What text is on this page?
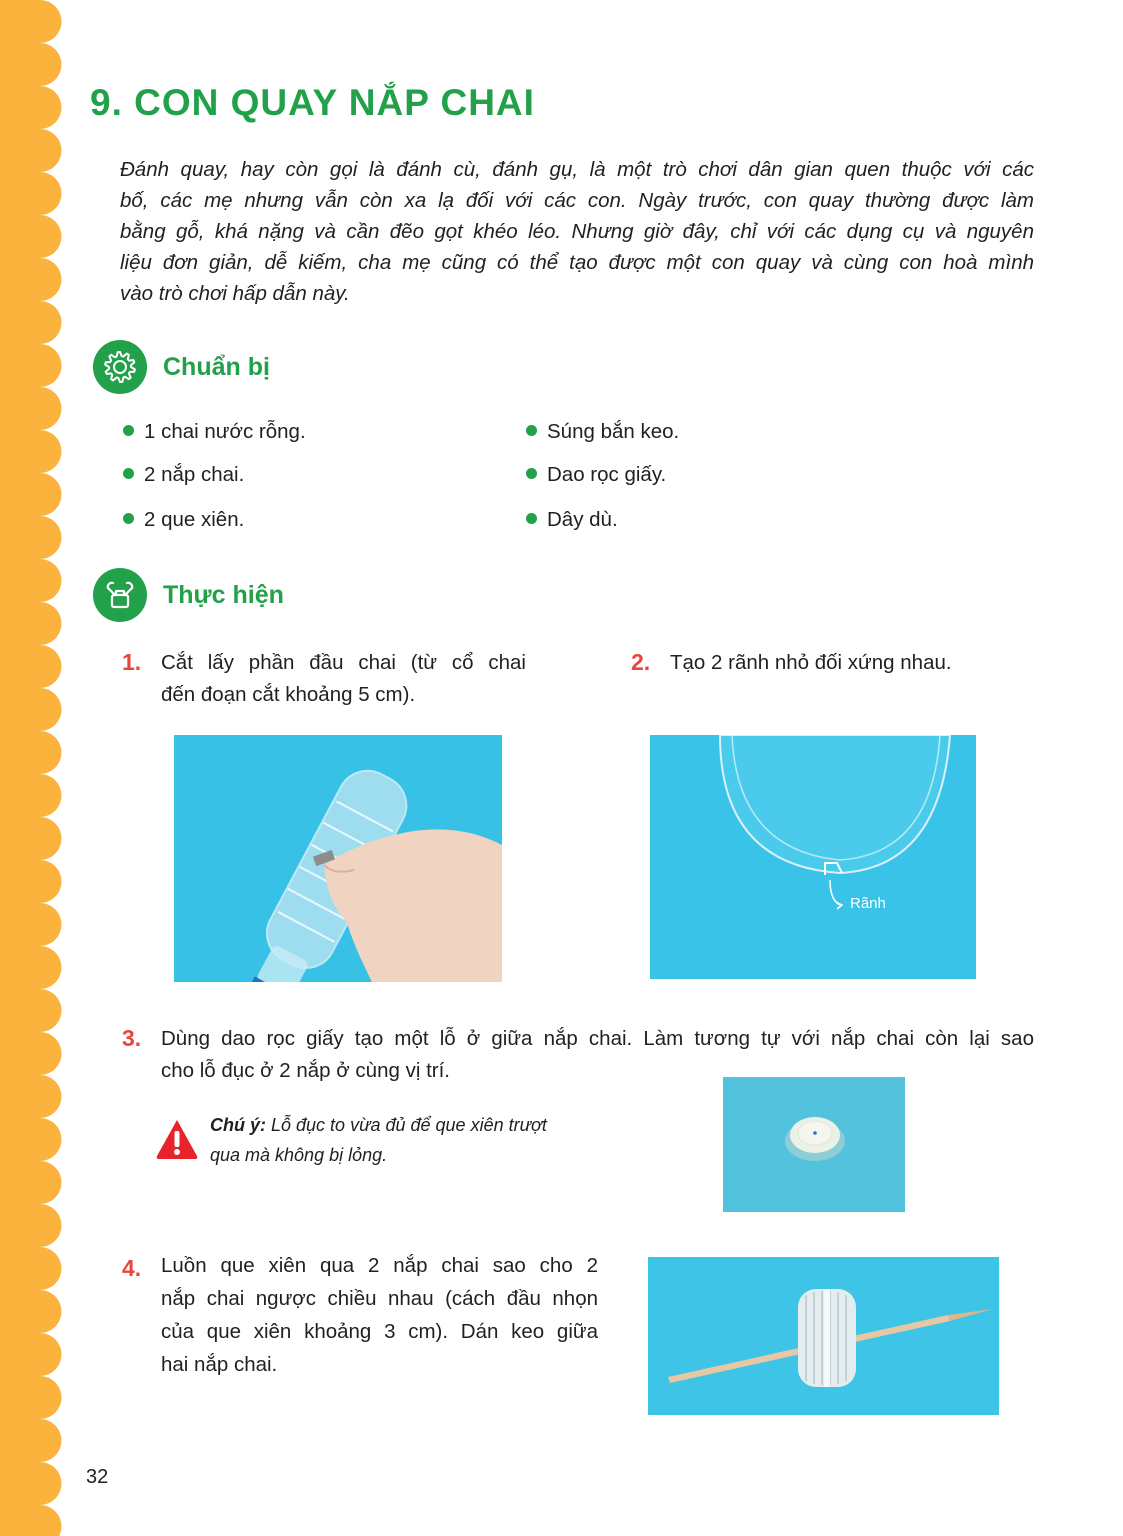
9. CON QUAY NẮP CHAI
Đánh quay, hay còn gọi là đánh cù, đánh gụ, là một trò chơi dân gian quen thuộc với các
bố, các mẹ nhưng vẫn còn xa lạ đối với các con. Ngày trước, con quay thường được làm
bằng gỗ, khá nặng và cần đẽo gọt khéo léo. Nhưng giờ đây, chỉ với các dụng cụ và nguyên
liệu đơn giản, dễ kiếm, cha mẹ cũng có thể tạo được một con quay và cùng con hoà mình
vào trò chơi hấp dẫn này.
Chuẩn bị
1 chai nước rỗng.
2 nắp chai.
2 que xiên.
Súng bắn keo.
Dao rọc giấy.
Dây dù.
Thực hiện
1. Cắt lấy phần đầu chai (từ cổ chai
đến đoạn cắt khoảng 5 cm).
2. Tạo 2 rãnh nhỏ đối xứng nhau.
Rãnh
3. Dùng dao rọc giấy tạo một lỗ ở giữa nắp chai. Làm tương tự với nắp chai còn lại sao
cho lỗ đục ở 2 nắp ở cùng vị trí.
Chú ý: Lỗ đục to vừa đủ để que xiên trượt
qua mà không bị lỏng.
4. Luồn que xiên qua 2 nắp chai sao cho 2
nắp chai ngược chiều nhau (cách đầu nhọn
của que xiên khoảng 3 cm). Dán keo giữa
hai nắp chai.
32
